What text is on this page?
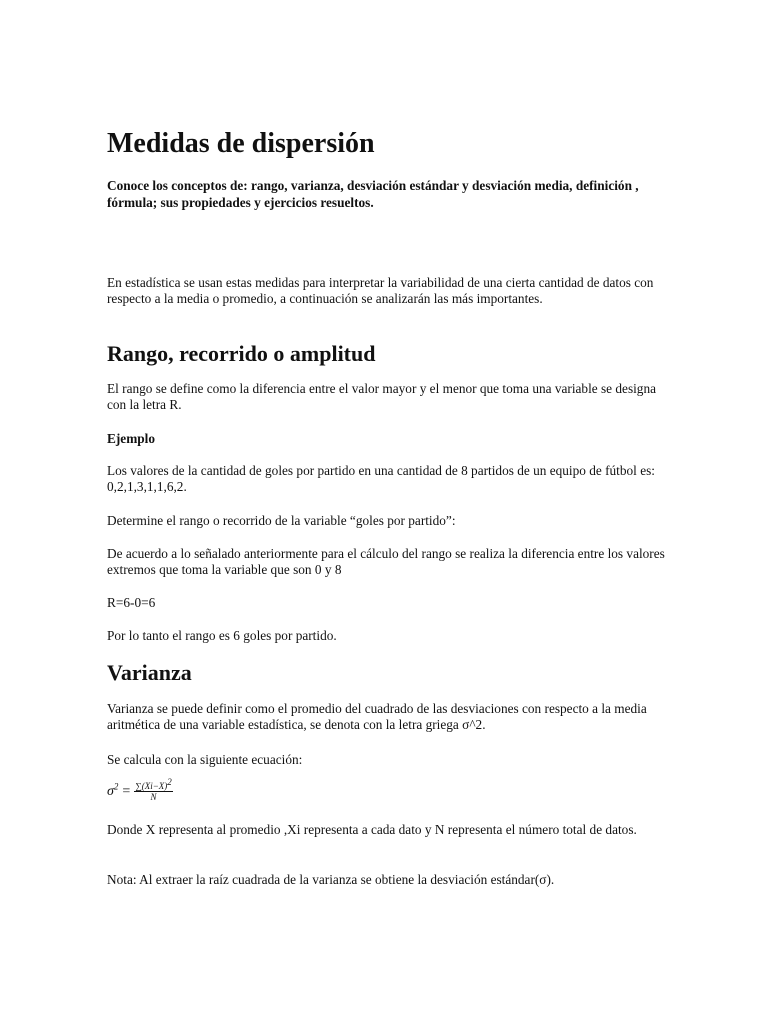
Medidas de dispersión

Conoce los conceptos de: rango, varianza, desviación estándar y desviación media, definición , fórmula; sus propiedades y ejercicios resueltos.

En estadística se usan estas medidas para interpretar la variabilidad de una cierta cantidad de datos con respecto a la media o promedio, a continuación se analizarán las más importantes.

Rango, recorrido o amplitud

El rango se define como la diferencia entre el valor mayor y el menor que toma una variable se designa con la letra R.

Ejemplo

Los valores de la cantidad de goles por partido en una cantidad de 8 partidos de un equipo de fútbol es: 0,2,1,3,1,1,6,2.

Determine el rango o recorrido de la variable “goles por partido”:

De acuerdo a lo señalado anteriormente para el cálculo del rango se realiza la diferencia entre los valores extremos que toma la variable que son 0 y 8

R=6-0=6

Por lo tanto el rango es 6 goles por partido.

Varianza

Varianza se puede definir como el promedio del cuadrado de las desviaciones con respecto a la media aritmética de una variable estadística, se denota con la letra griega σ^2.

Se calcula con la siguiente ecuación:

$\sigma^2 = \frac{\sum(Xi-X)^2}{N}$

Donde X representa al promedio ,Xi representa a cada dato y N representa el número total de datos.

Nota: Al extraer la raíz cuadrada de la varianza se obtiene la desviación estándar(σ).
